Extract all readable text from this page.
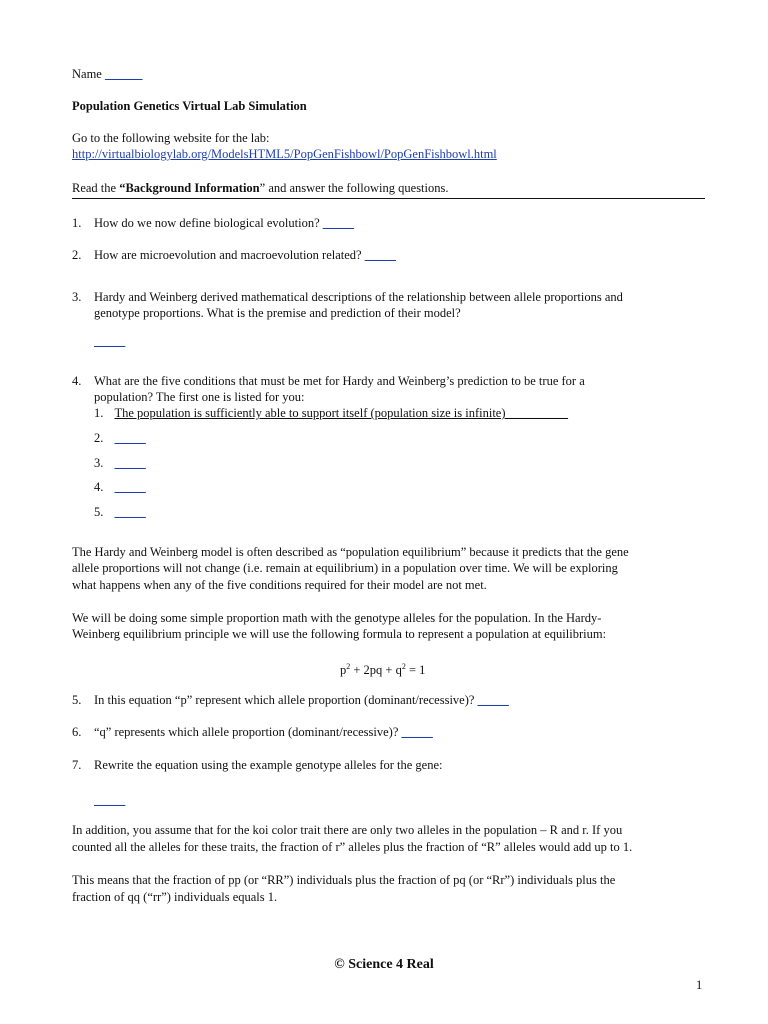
Name ______
Population Genetics Virtual Lab Simulation
Go to the following website for the lab:
http://virtualbiologylab.org/ModelsHTML5/PopGenFishbowl/PopGenFishbowl.html
Read the “Background Information” and answer the following questions.
1.	How do we now define biological evolution? _____
2.	How are microevolution and macroevolution related? _____
3.	Hardy and Weinberg derived mathematical descriptions of the relationship between allele proportions and
genotype proportions. What is the premise and prediction of their model?
_____
4.	What are the five conditions that must be met for Hardy and Weinberg’s prediction to be true for a
population? The first one is listed for you:
1. The population is sufficiently able to support itself (population size is infinite)__________
2. _____
3. _____
4. _____
5. _____
The Hardy and Weinberg model is often described as “population equilibrium” because it predicts that the gene
allele proportions will not change (i.e. remain at equilibrium) in a population over time. We will be exploring
what happens when any of the five conditions required for their model are not met.
We will be doing some simple proportion math with the genotype alleles for the population. In the Hardy-
Weinberg equilibrium principle we will use the following formula to represent a population at equilibrium:
$p^2 + 2pq + q^2 = 1$
5.	In this equation “p” represent which allele proportion (dominant/recessive)? _____
6.	“q” represents which allele proportion (dominant/recessive)? _____
7.	Rewrite the equation using the example genotype alleles for the gene:
_____
In addition, you assume that for the koi color trait there are only two alleles in the population – R and r. If you
counted all the alleles for these traits, the fraction of r” alleles plus the fraction of “R” alleles would add up to 1.
This means that the fraction of pp (or “RR”) individuals plus the fraction of pq (or “Rr”) individuals plus the
fraction of qq (“rr”) individuals equals 1.
© Science 4 Real
1
